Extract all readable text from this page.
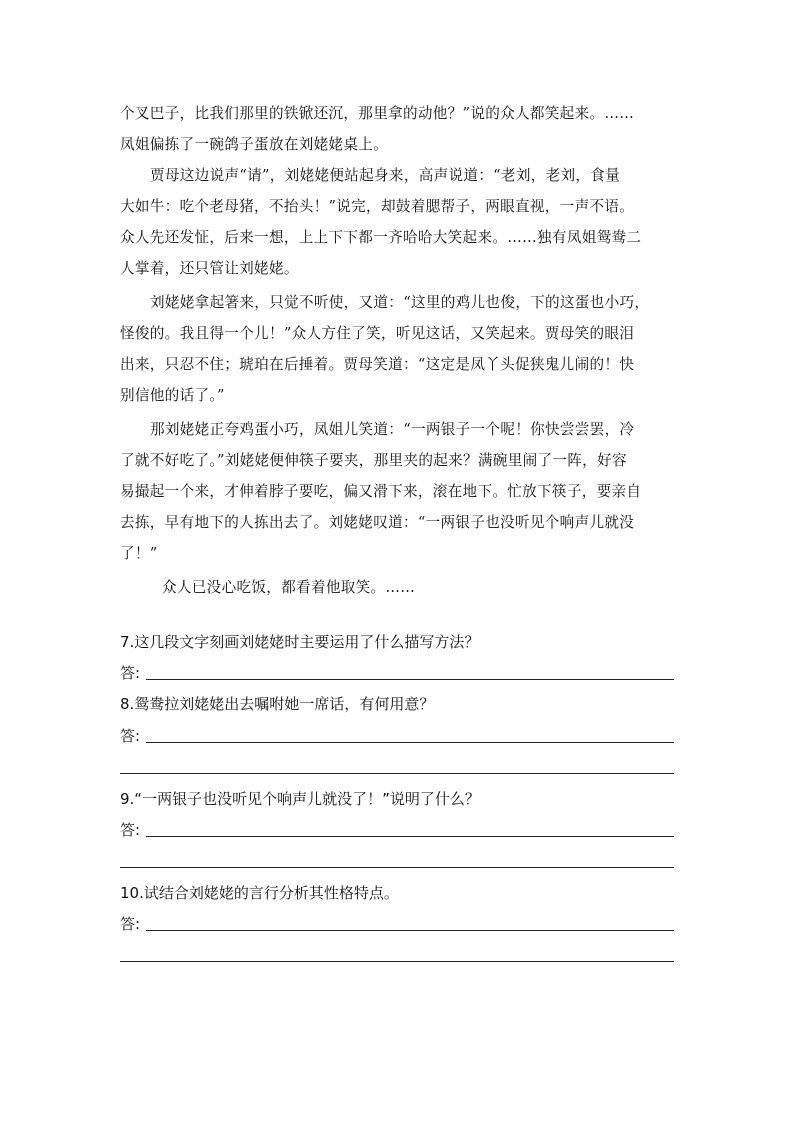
个叉巴子，比我们那里的铁锨还沉，那里拿的动他？”说的众人都笑起来。……
凤姐偏拣了一碗鸽子蛋放在刘姥姥桌上。
贾母这边说声“请”，刘姥姥便站起身来，高声说道：“老刘，老刘，食量
大如牛：吃个老母猪，不抬头！”说完，却鼓着腮帮子，两眼直视，一声不语。
众人先还发怔，后来一想，上上下下都一齐哈哈大笑起来。……独有凤姐鸳鸯二
人掌着，还只管让刘姥姥。
刘姥姥拿起箸来，只觉不听使，又道：“这里的鸡儿也俊，下的这蛋也小巧，
怪俊的。我且得一个儿！”众人方住了笑，听见这话，又笑起来。贾母笑的眼泪
出来，只忍不住；琥珀在后捶着。贾母笑道：“这定是凤丫头促狭鬼儿闹的！快
别信他的话了。”
那刘姥姥正夸鸡蛋小巧，凤姐儿笑道：“一两银子一个呢！你快尝尝罢，冷
了就不好吃了。”刘姥姥便伸筷子要夹，那里夹的起来？满碗里闹了一阵，好容
易撮起一个来，才伸着脖子要吃，偏又滑下来，滚在地下。忙放下筷子，要亲自
去拣，早有地下的人拣出去了。刘姥姥叹道：“一两银子也没听见个响声儿就没
了！”
众人已没心吃饭，都看着他取笑。……
7.这几段文字刻画刘姥姥时主要运用了什么描写方法？
答:
8.鸳鸯拉刘姥姥出去嘱咐她一席话，有何用意？
答:
9.“一两银子也没听见个响声儿就没了！”说明了什么？
答:
10.试结合刘姥姥的言行分析其性格特点。
答:
